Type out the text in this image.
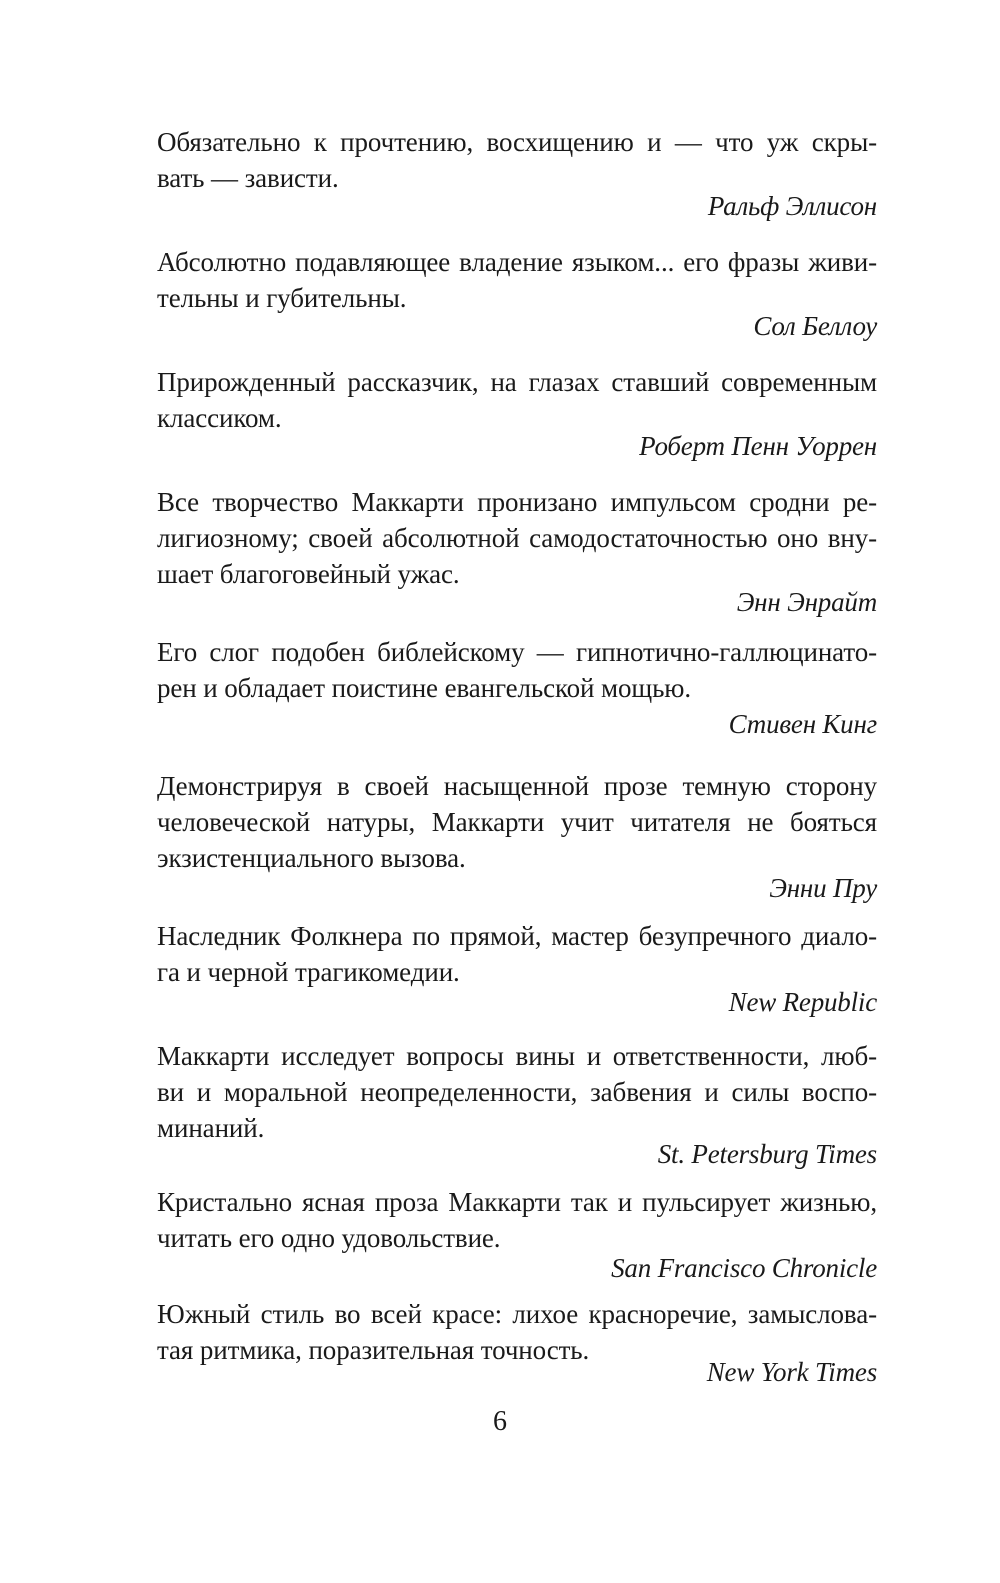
Обязательно к прочтению, восхищению и — что уж скры-
вать — зависти.
Ральф Эллисон
Абсолютно подавляющее владение языком... его фразы живи-
тельны и губительны.
Сол Беллоу
Прирожденный рассказчик, на глазах ставший современным
классиком.
Роберт Пенн Уоррен
Все творчество Маккарти пронизано импульсом сродни ре-
лигиозному; своей абсолютной самодостаточностью оно вну-
шает благоговейный ужас.
Энн Энрайт
Его слог подобен библейскому — гипнотично-галлюцинато-
рен и обладает поистине евангельской мощью.
Стивен Кинг
Демонстрируя в своей насыщенной прозе темную сторону
человеческой натуры, Маккарти учит читателя не бояться
экзистенциального вызова.
Энни Пру
Наследник Фолкнера по прямой, мастер безупречного диало-
га и черной трагикомедии.
New Republic
Маккарти исследует вопросы вины и ответственности, люб-
ви и моральной неопределенности, забвения и силы воспо-
минаний.
St. Petersburg Times
Кристально ясная проза Маккарти так и пульсирует жизнью,
читать его одно удовольствие.
San Francisco Chronicle
Южный стиль во всей красе: лихое красноречие, замыслова-
тая ритмика, поразительная точность.
New York Times
6
